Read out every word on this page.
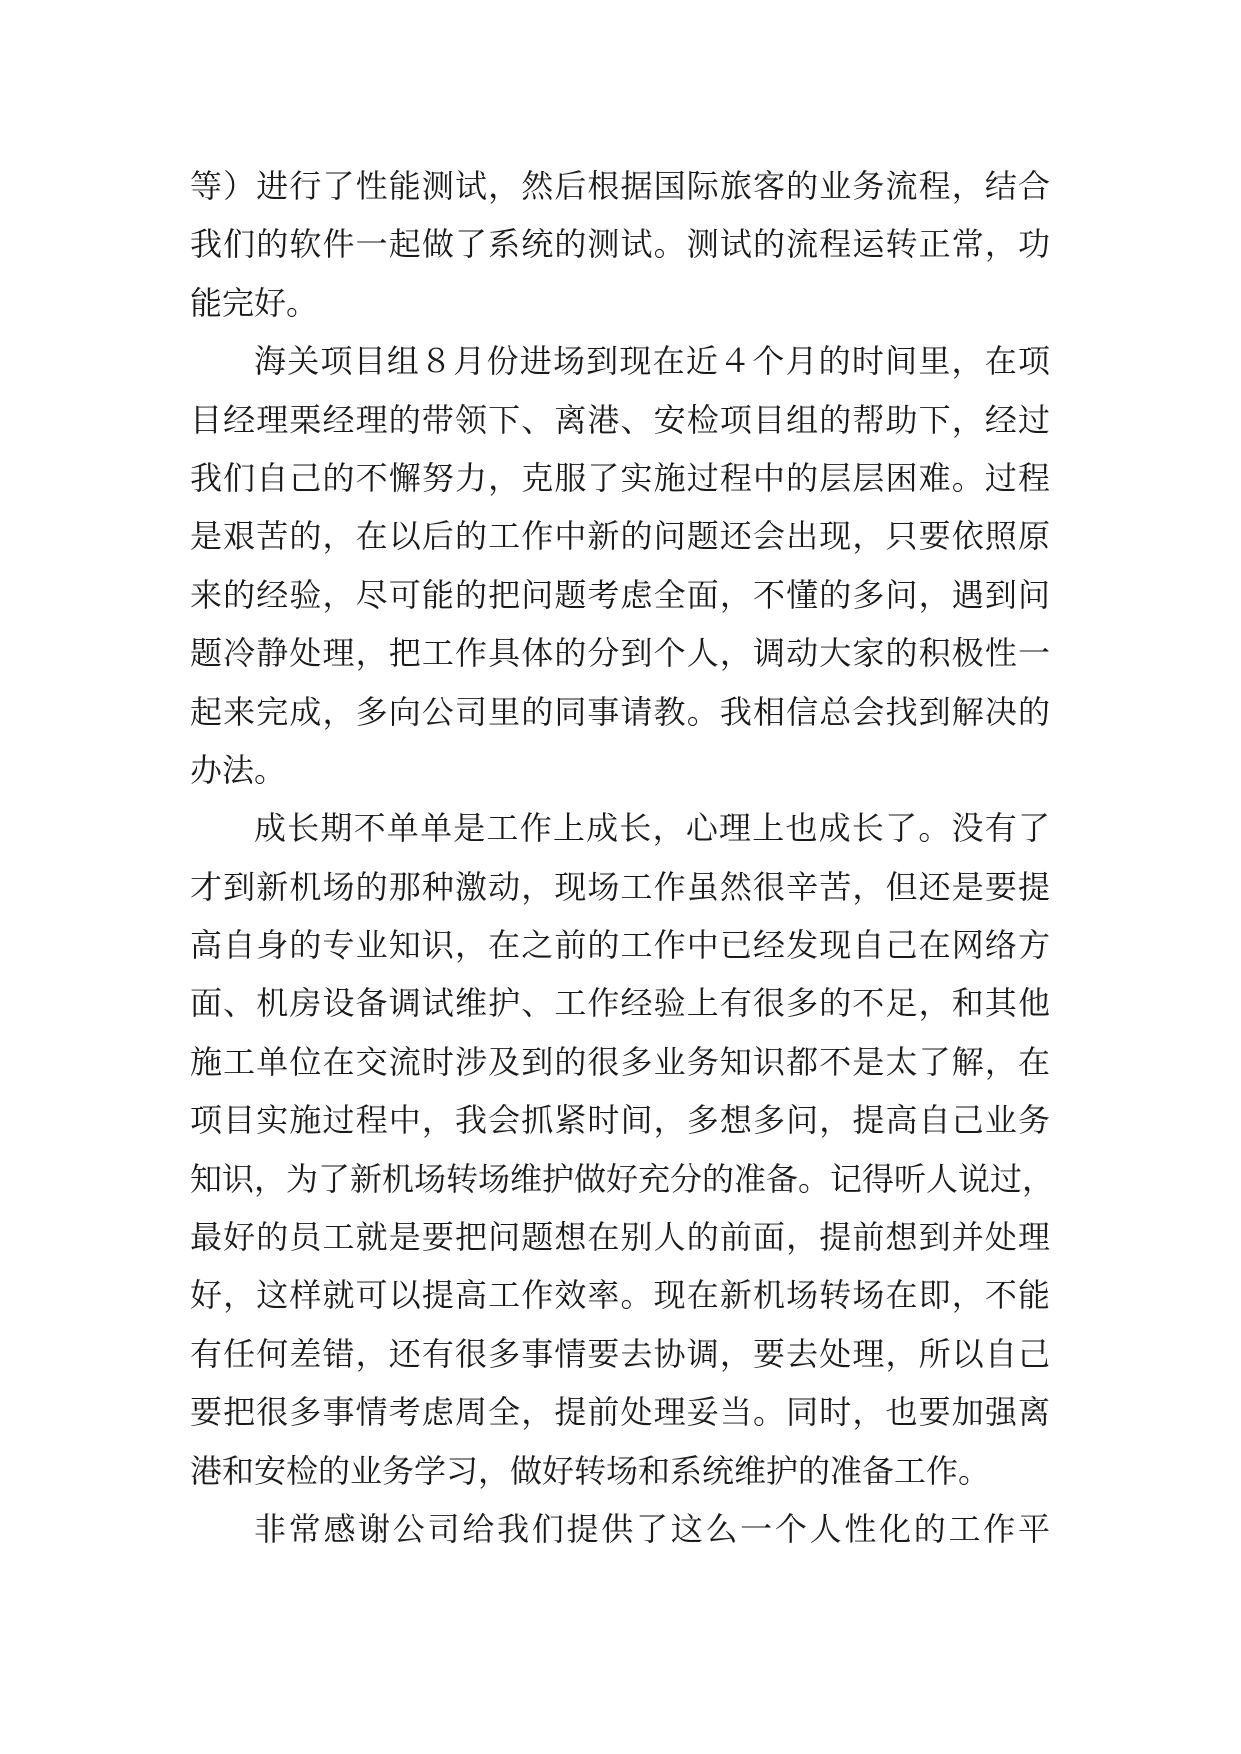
等）进行了性能测试，然后根据国际旅客的业务流程，结合
我们的软件一起做了系统的测试。测试的流程运转正常，功
能完好。
海关项目组８月份进场到现在近４个月的时间里，在项
目经理栗经理的带领下、离港、安检项目组的帮助下，经过
我们自己的不懈努力，克服了实施过程中的层层困难。过程
是艰苦的，在以后的工作中新的问题还会出现，只要依照原
来的经验，尽可能的把问题考虑全面，不懂的多问，遇到问
题冷静处理，把工作具体的分到个人，调动大家的积极性一
起来完成，多向公司里的同事请教。我相信总会找到解决的
办法。
成长期不单单是工作上成长，心理上也成长了。没有了
才到新机场的那种激动，现场工作虽然很辛苦，但还是要提
高自身的专业知识，在之前的工作中已经发现自己在网络方
面、机房设备调试维护、工作经验上有很多的不足，和其他
施工单位在交流时涉及到的很多业务知识都不是太了解，在
项目实施过程中，我会抓紧时间，多想多问，提高自己业务
知识，为了新机场转场维护做好充分的准备。记得听人说过，
最好的员工就是要把问题想在别人的前面，提前想到并处理
好，这样就可以提高工作效率。现在新机场转场在即，不能
有任何差错，还有很多事情要去协调，要去处理，所以自己
要把很多事情考虑周全，提前处理妥当。同时，也要加强离
港和安检的业务学习，做好转场和系统维护的准备工作。
非常感谢公司给我们提供了这么一个人性化的工作平
